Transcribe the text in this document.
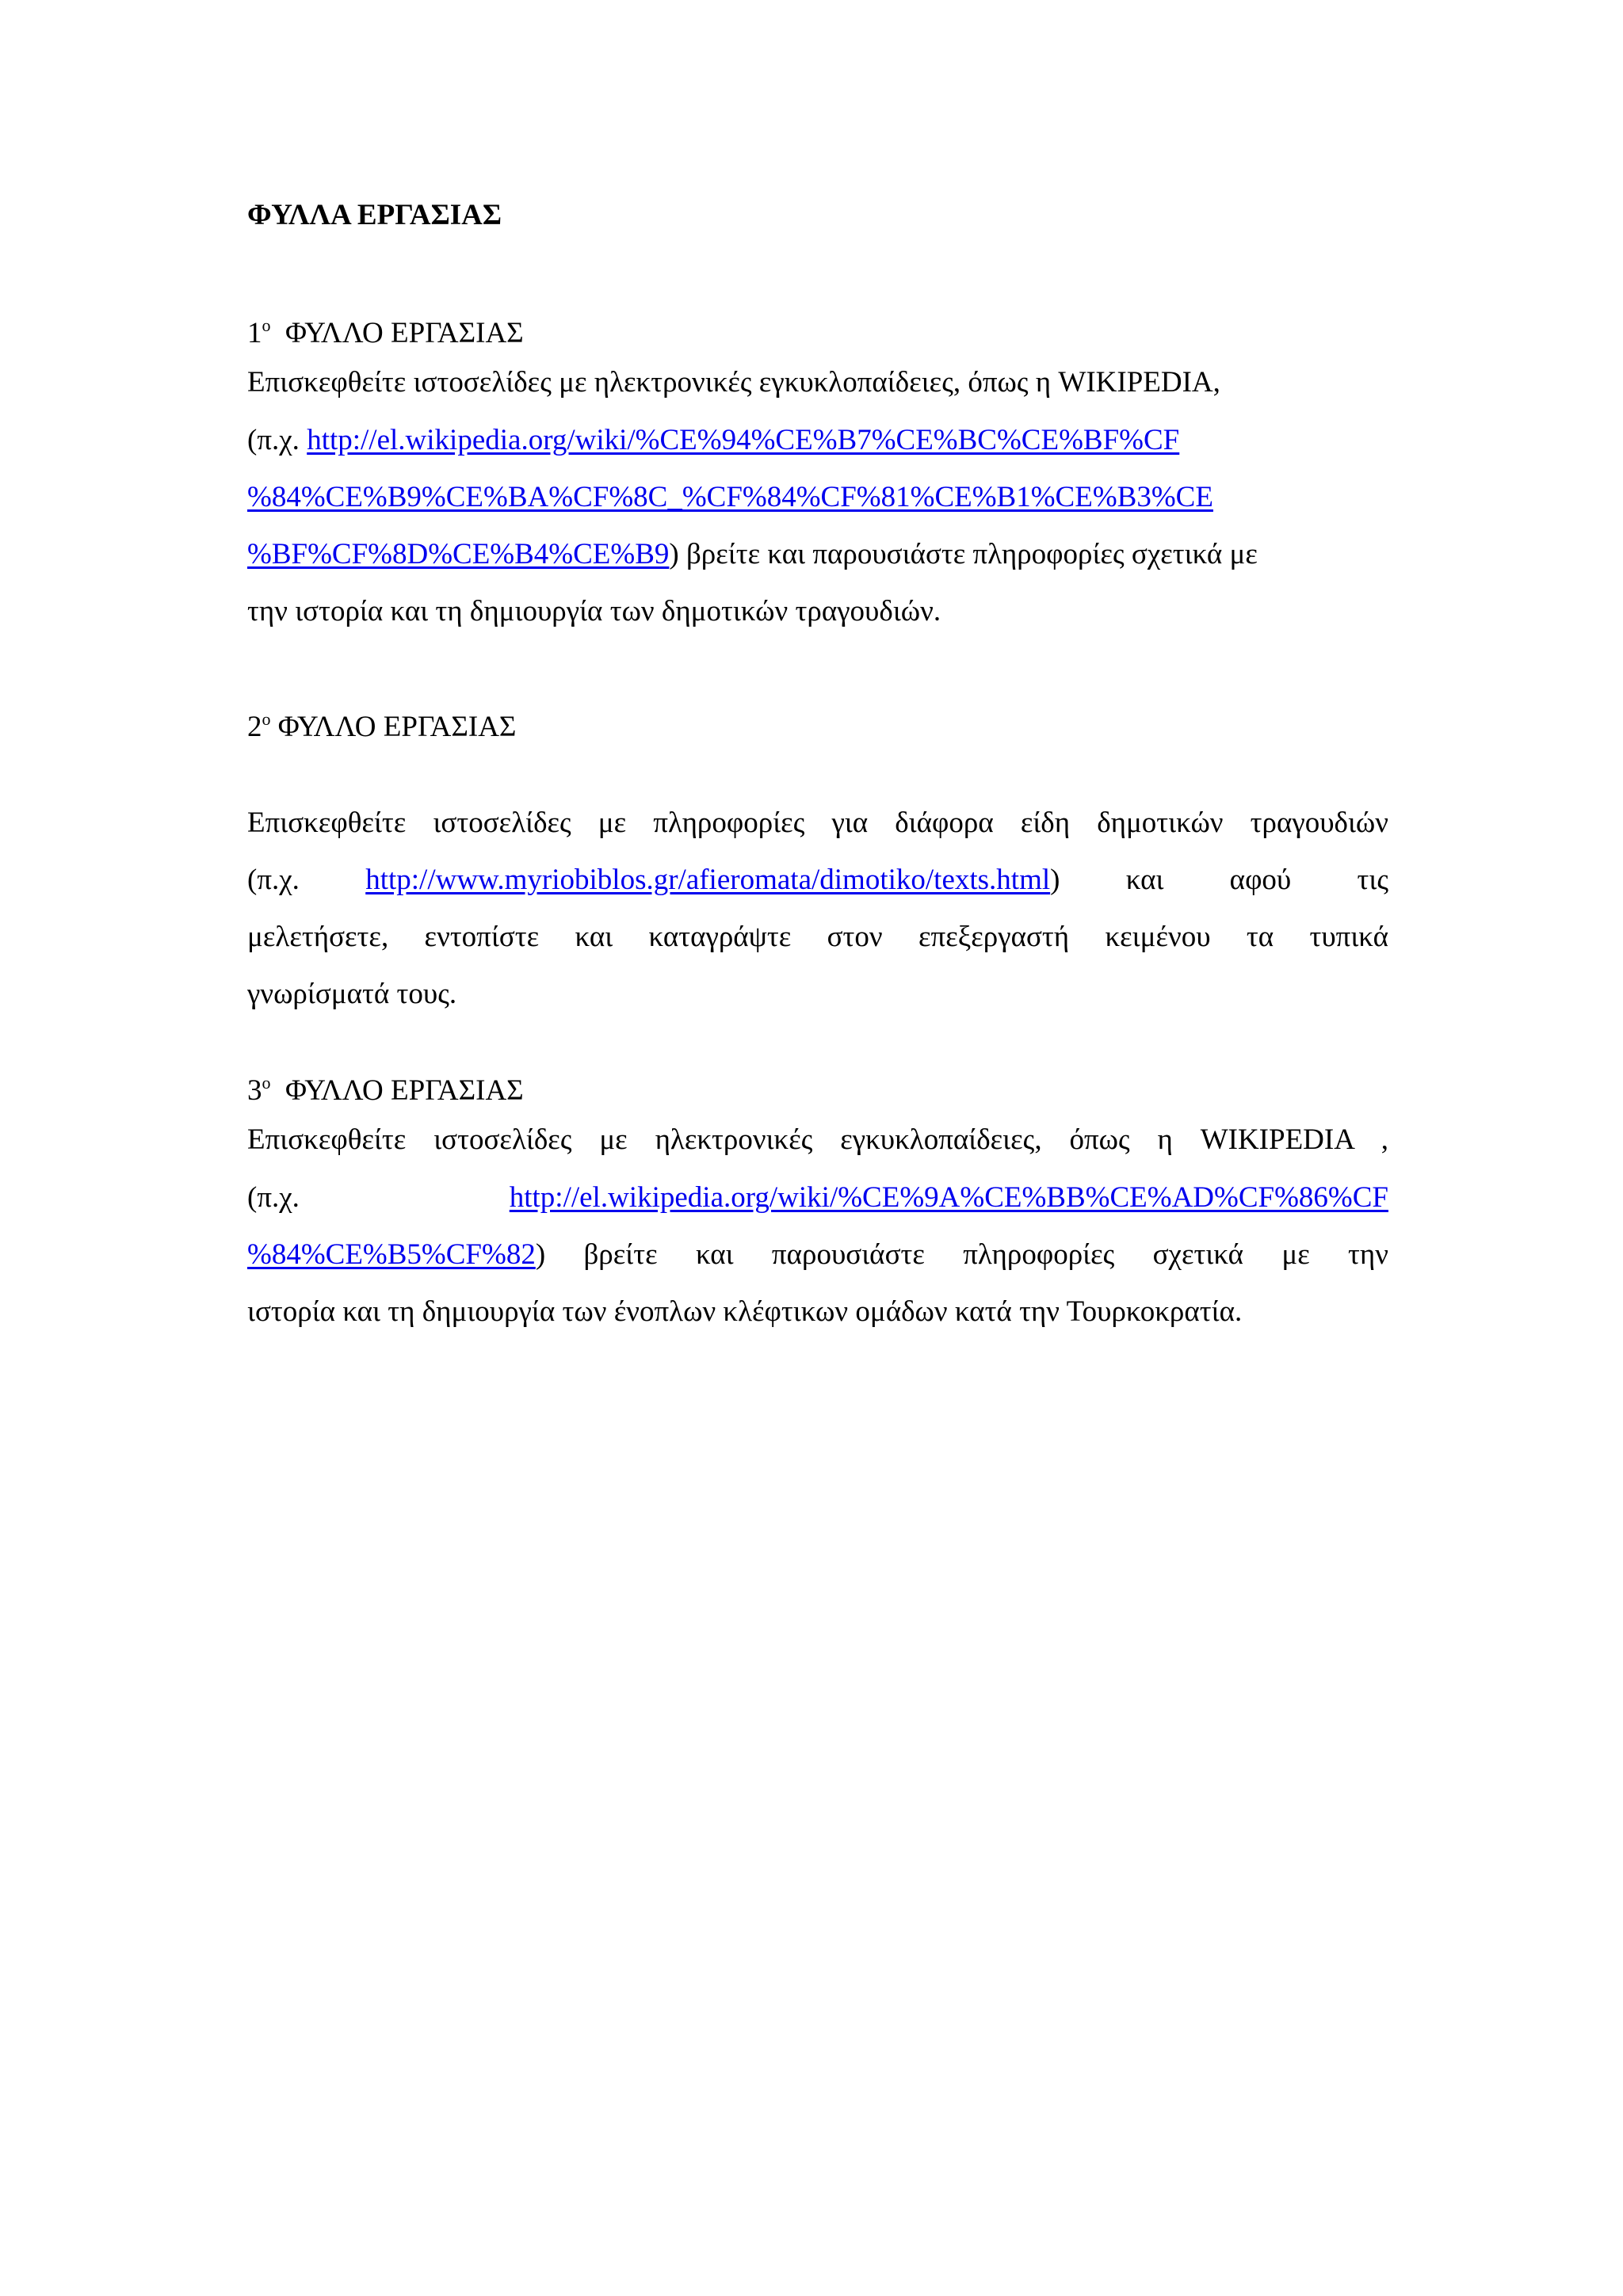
ΦΥΛΛΑ ΕΡΓΑΣΙΑΣ
$1^o$  ΦΥΛΛΟ ΕΡΓΑΣΙΑΣ
Επισκεφθείτε ιστοσελίδες με ηλεκτρονικές εγκυκλοπαίδειες, όπως η WIKIPEDIA,
(π.χ. http://el.wikipedia.org/wiki/%CE%94%CE%B7%CE%BC%CE%BF%CF
%84%CE%B9%CE%BA%CF%8C_%CF%84%CF%81%CE%B1%CE%B3%CE
%BF%CF%8D%CE%B4%CE%B9) βρείτε και παρουσιάστε πληροφορίες σχετικά με
την ιστορία και τη δημιουργία των δημοτικών τραγουδιών.
$2^o$ ΦΥΛΛΟ ΕΡΓΑΣΙΑΣ
Επισκεφθείτε ιστοσελίδες με πληροφορίες για διάφορα είδη δημοτικών τραγουδιών
(π.χ. http://www.myriobiblos.gr/afieromata/dimotiko/texts.html) και αφού τις
μελετήσετε, εντοπίστε και καταγράψτε στον επεξεργαστή κειμένου τα τυπικά
γνωρίσματά τους.
$3^o$  ΦΥΛΛΟ ΕΡΓΑΣΙΑΣ
Επισκεφθείτε ιστοσελίδες με ηλεκτρονικές εγκυκλοπαίδειες, όπως η WIKIPEDIA ,
(π.χ. http://el.wikipedia.org/wiki/%CE%9A%CE%BB%CE%AD%CF%86%CF
%84%CE%B5%CF%82) βρείτε και παρουσιάστε πληροφορίες σχετικά με την
ιστορία και τη δημιουργία των ένοπλων κλέφτικων ομάδων κατά την Τουρκοκρατία.
